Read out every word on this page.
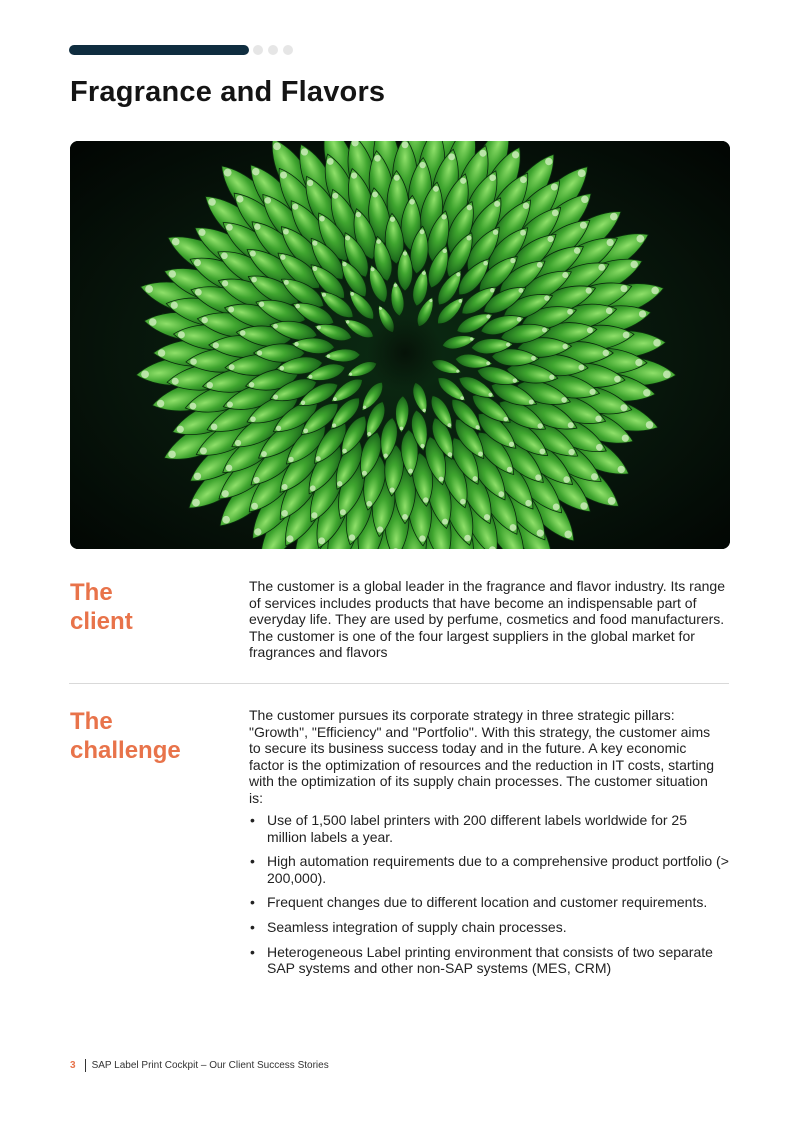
Fragrance and Flavors
The
client

The customer is a global leader in the fragrance and flavor industry. Its range of services includes products that have become an indispensable part of everyday life. They are used by perfume, cosmetics and food manufacturers. The customer is one of the four largest suppliers in the global market for fragrances and flavors

The
challenge

The customer pursues its corporate strategy in three strategic pillars: "Growth", "Efficiency" and "Portfolio". With this strategy, the customer aims to secure its business success today and in the future. A key economic factor is the optimization of resources and the reduction in IT costs, starting with the optimization of its supply chain processes. The customer situation is:

• Use of 1,500 label printers with 200 different labels worldwide for 25 million labels a year.
• High automation requirements due to a comprehensive product portfolio (> 200,000).
• Frequent changes due to different location and customer requirements.
• Seamless integration of supply chain processes.
• Heterogeneous Label printing environment that consists of two separate SAP systems and other non-SAP systems (MES, CRM)
3 SAP Label Print Cockpit – Our Client Success Stories
